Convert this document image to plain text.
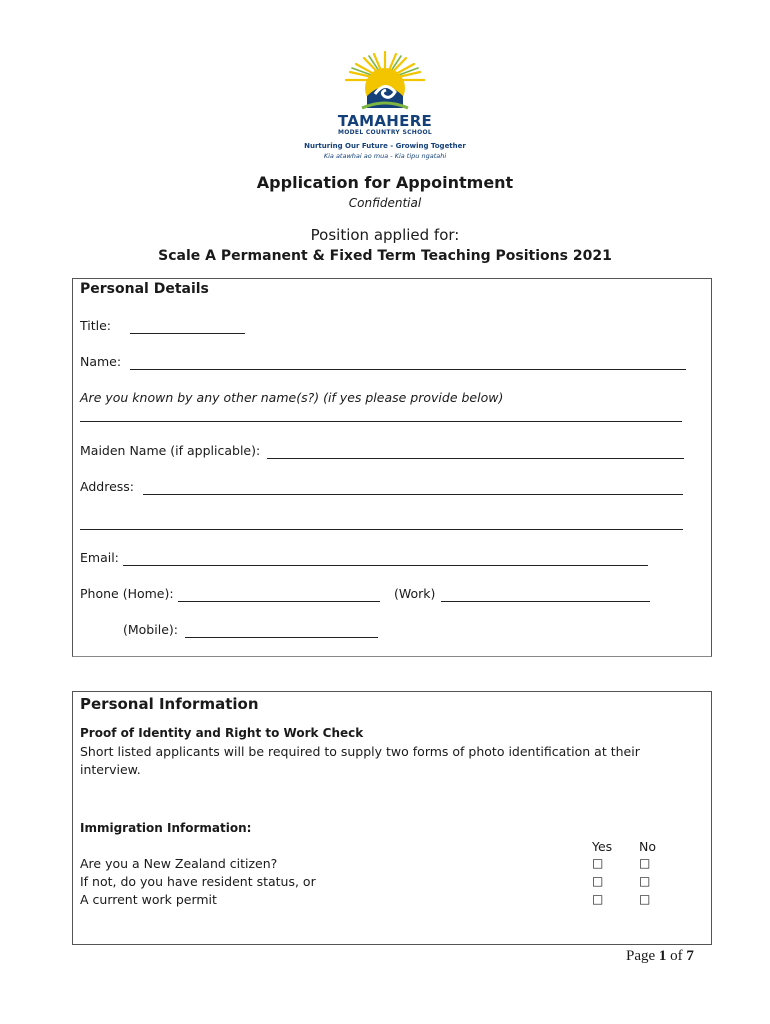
TAMAHERE
MODEL COUNTRY SCHOOL
Nurturing Our Future - Growing Together
Kia atawhai ao mua - Kia tipu ngatahi
Application for Appointment
Confidential
Position applied for:
Scale A Permanent & Fixed Term Teaching Positions 2021
Personal Details
Title:
Name:
Are you known by any other name(s?) (if yes please provide below)
Maiden Name (if applicable):
Address:
Email:
Phone (Home):	(Work)
(Mobile):
Personal Information
Proof of Identity and Right to Work Check
Short listed applicants will be required to supply two forms of photo identification at their
interview.
Immigration Information:
Yes No
Are you a New Zealand citizen?	□	□
If not, do you have resident status, or	□	□
A current work permit	□	□
Page 1 of 7
